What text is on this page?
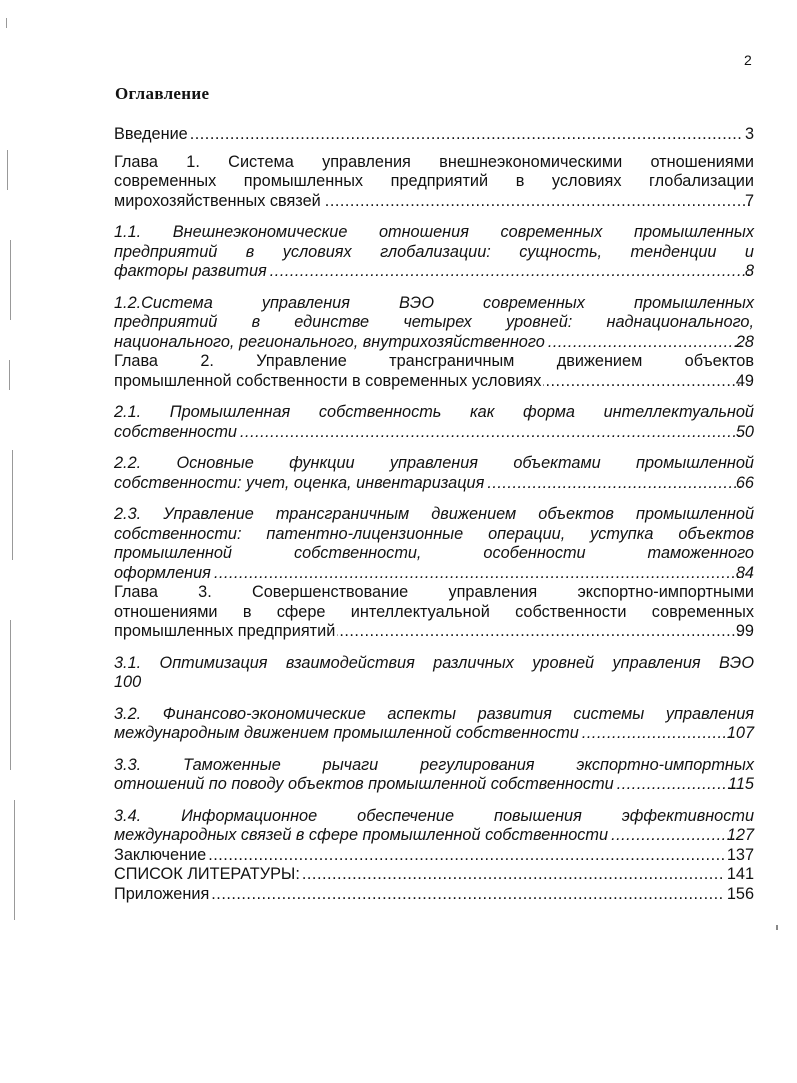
2
Оглавление
Введение .....	3
Глава 1. Система управления внешнеэкономическими отношениями
современных промышленных предприятий в условиях глобализации
мирохозяйственных связей .....	7
1.1. Внешнеэкономические отношения современных промышленных
предприятий в условиях глобализации: сущность, тенденции и
факторы развития .....	8
1.2.Система управления ВЭО современных промышленных
предприятий в единстве четырех уровней: наднационального,
национального, регионального, внутрихозяйственного .....	28
Глава 2. Управление трансграничным движением объектов
промышленной собственности в современных условиях .....	49
2.1. Промышленная собственность как форма интеллектуальной
собственности .....	50
2.2. Основные функции управления объектами промышленной
собственности: учет, оценка, инвентаризация .....	66
2.3. Управление трансграничным движением объектов промышленной
собственности: патентно-лицензионные операции, уступка объектов
промышленной собственности, особенности таможенного
оформления .....	84
Глава 3. Совершенствование управления экспортно-импортными
отношениями в сфере интеллектуальной собственности современных
промышленных предприятий .....	99
3.1. Оптимизация взаимодействия различных уровней управления ВЭО
100
3.2. Финансово-экономические аспекты развития системы управления
международным движением промышленной собственности .....	107
3.3. Таможенные рычаги регулирования экспортно-импортных
отношений по поводу объектов промышленной собственности .....	115
3.4. Информационное обеспечение повышения эффективности
международных связей в сфере промышленной собственности .....	127
Заключение .....	137
СПИСОК ЛИТЕРАТУРЫ: .....	141
Приложения .....	156
